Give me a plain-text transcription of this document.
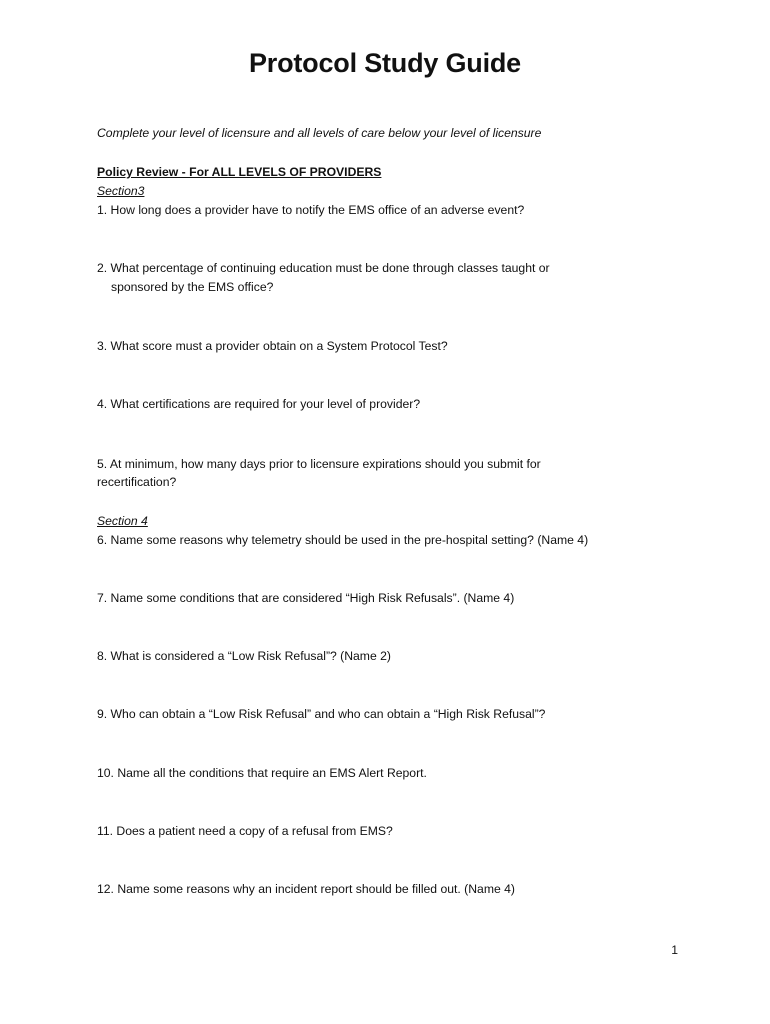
Protocol Study Guide
Complete your level of licensure and all levels of care below your level of licensure
Policy Review - For ALL LEVELS OF PROVIDERS
Section3
1. How long does a provider have to notify the EMS office of an adverse event?
2. What percentage of continuing education must be done through classes taught or
sponsored by the EMS office?
3. What score must a provider obtain on a System Protocol Test?
4. What certifications are required for your level of provider?
5. At minimum, how many days prior to licensure expirations should you submit for
recertification?
Section 4
6. Name some reasons why telemetry should be used in the pre-hospital setting? (Name 4)
7. Name some conditions that are considered “High Risk Refusals”. (Name 4)
8. What is considered a “Low Risk Refusal”? (Name 2)
9. Who can obtain a “Low Risk Refusal” and who can obtain a “High Risk Refusal”?
10. Name all the conditions that require an EMS Alert Report.
11. Does a patient need a copy of a refusal from EMS?
12. Name some reasons why an incident report should be filled out. (Name 4)
1
